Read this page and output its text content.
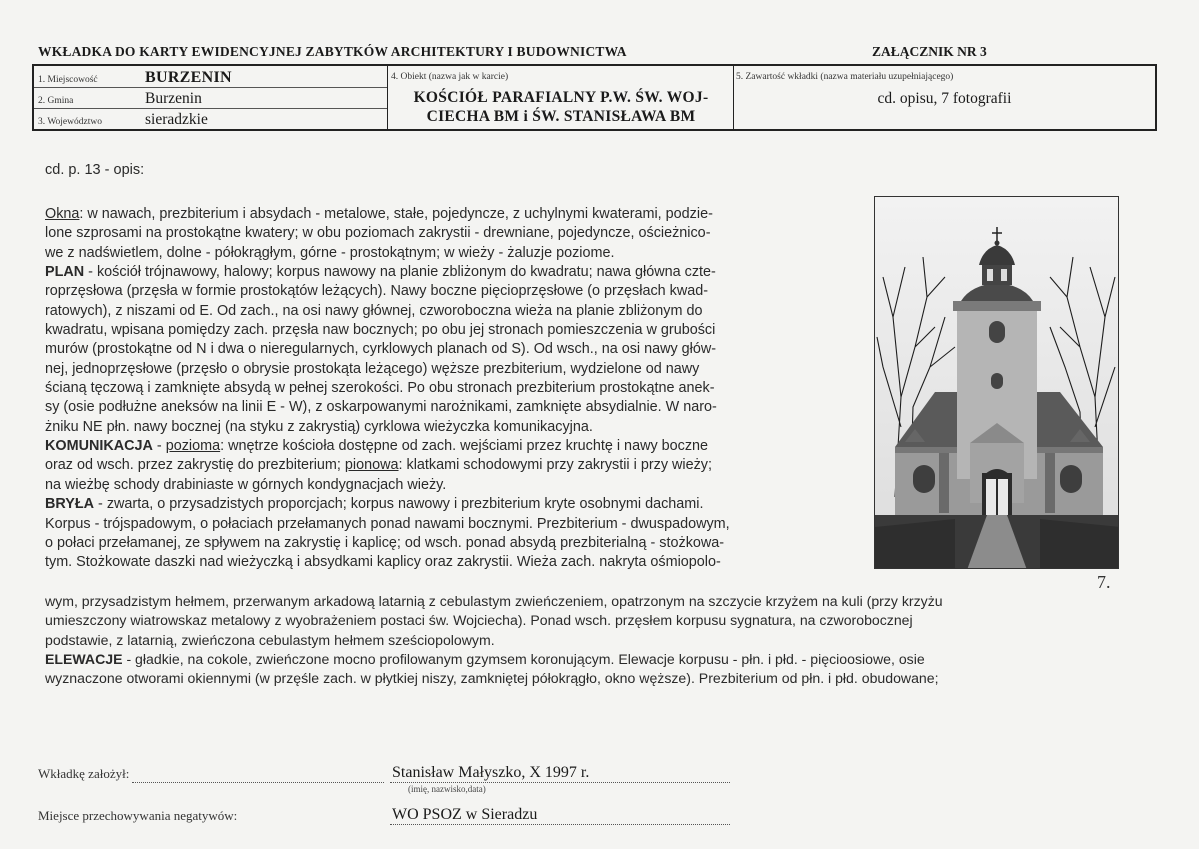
WKŁADKA DO KARTY EWIDENCYJNEJ ZABYTKÓW ARCHITEKTURY I BUDOWNICTWA	ZAŁĄCZNIK NR 3
1. Miejscowość	BURZENIN
2. Gmina	Burzenin
3. Województwo	sieradzkie
4. Obiekt (nazwa jak w karcie)
KOŚCIÓŁ PARAFIALNY P.W. ŚW. WOJ-
CIECHA BM i ŚW. STANISŁAWA BM
5. Zawartość wkładki (nazwa materiału uzupełniającego)
cd. opisu, 7 fotografii
cd. p. 13 - opis:
Okna: w nawach, prezbiterium i absydach - metalowe, stałe, pojedyncze, z uchylnymi kwaterami, podzie-
lone szprosami na prostokątne kwatery; w obu poziomach zakrystii - drewniane, pojedyncze, ościeżnico-
we z nadświetlem, dolne - półokrągłym, górne - prostokątnym; w wieży - żaluzje poziome.
PLAN - kościół trójnawowy, halowy; korpus nawowy na planie zbliżonym do kwadratu; nawa główna czte-
roprzęsłowa (przęsła w formie prostokątów leżących). Nawy boczne pięcioprzęsłowe (o przęsłach kwad-
ratowych), z niszami od E. Od zach., na osi nawy głównej, czworoboczna wieża na planie zbliżonym do
kwadratu, wpisana pomiędzy zach. przęsła naw bocznych; po obu jej stronach pomieszczenia w grubości
murów (prostokątne od N i dwa o nieregularnych, cyrklowych planach od S). Od wsch., na osi nawy głów-
nej, jednoprzęsłowe (przęsło o obrysie prostokąta leżącego) węższe prezbiterium, wydzielone od nawy
ścianą tęczową i zamknięte absydą w pełnej szerokości. Po obu stronach prezbiterium prostokątne anek-
sy (osie podłużne aneksów na linii E - W), z oskarpowanymi narożnikami, zamknięte absydialnie. W naro-
żniku NE płn. nawy bocznej (na styku z zakrystią) cyrklowa wieżyczka komunikacyjna.
KOMUNIKACJA - pozioma: wnętrze kościoła dostępne od zach. wejściami przez kruchtę i nawy boczne
oraz od wsch. przez zakrystię do prezbiterium; pionowa: klatkami schodowymi przy zakrystii i przy wieży;
na wieżbę schody drabiniaste w górnych kondygnacjach wieży.
BRYŁA - zwarta, o przysadzistych proporcjach; korpus nawowy i prezbiterium kryte osobnymi dachami.
Korpus - trójspadowym, o połaciach przełamanych ponad nawami bocznymi. Prezbiterium - dwuspadowym,
o połaci przełamanej, ze spływem na zakrystię i kaplicę; od wsch. ponad absydą prezbiterialną - stożkowa-
tym. Stożkowate daszki nad wieżyczką i absydkami kaplicy oraz zakrystii. Wieża zach. nakryta ośmiopolo-
wym, przysadzistym hełmem, przerwanym arkadową latarnią z cebulastym zwieńczeniem, opatrzonym na szczycie krzyżem na kuli (przy krzyżu
umieszczony wiatrowskaz metalowy z wyobrażeniem postaci św. Wojciecha). Ponad wsch. przęsłem korpusu sygnatura, na czworobocznej
podstawie, z latarnią, zwieńczona cebulastym hełmem sześciopolowym.
ELEWACJE - gładkie, na cokole, zwieńczone mocno profilowanym gzymsem koronującym. Elewacje korpusu - płn. i płd. - pięcioosiowe, osie
wyznaczone otworami okiennymi (w przęśle zach. w płytkiej niszy, zamkniętej półokrągło, okno węższe). Prezbiterium od płn. i płd. obudowane;
7.
Wkładkę założył:	Stanisław Małyszko, X 1997 r.
(imię, nazwisko,data)
Miejsce przechowywania negatywów:	WO PSOZ w Sieradzu
